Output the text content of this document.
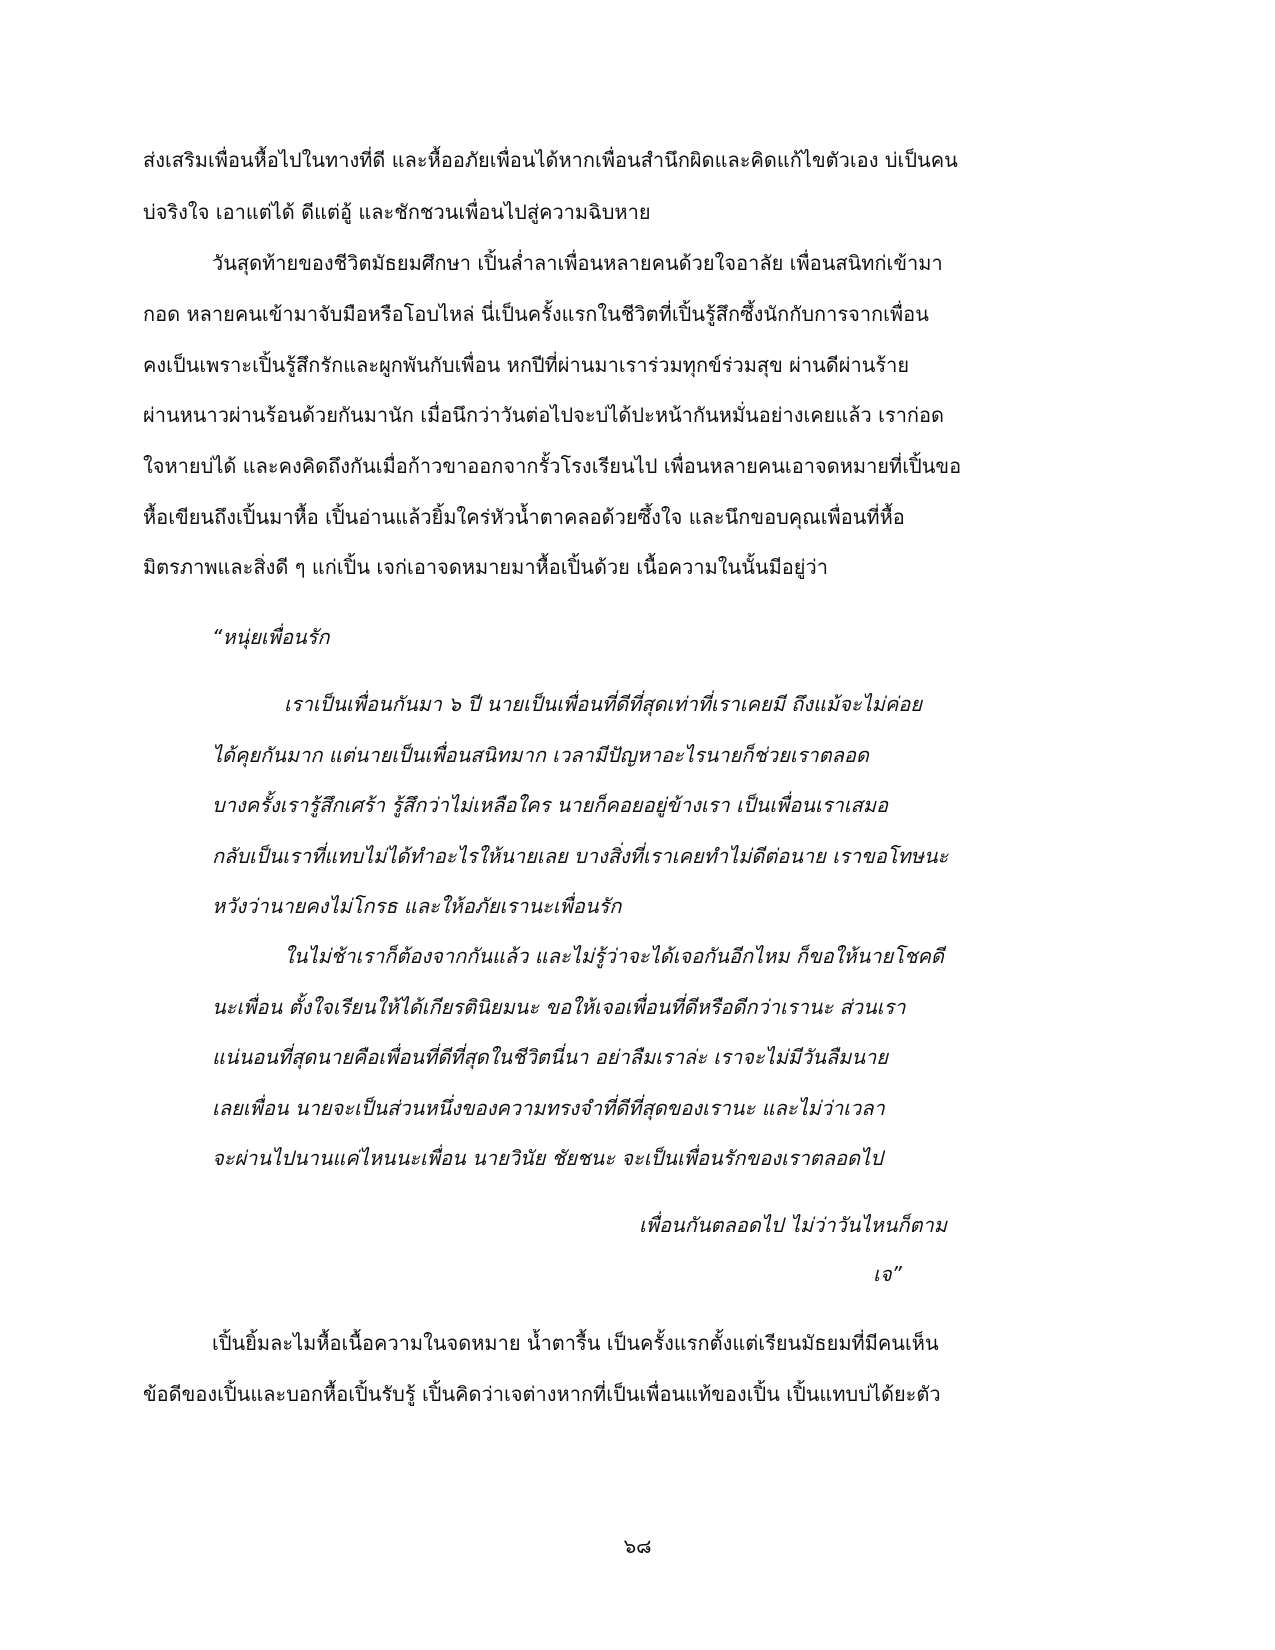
ส่งเสริมเพื่อนหื้อไปในทางที่ดี และหื้ออภัยเพื่อนได้หากเพื่อนสำนึกผิดและคิดแก้ไขตัวเอง บ่เป็นคน
บ่จริงใจ เอาแต่ได้ ดีแต่อู้ และชักชวนเพื่อนไปสู่ความฉิบหาย
วันสุดท้ายของชีวิตมัธยมศึกษา เปิ้นล่ำลาเพื่อนหลายคนด้วยใจอาลัย เพื่อนสนิทก่เข้ามา
กอด หลายคนเข้ามาจับมือหรือโอบไหล่ นี่เป็นครั้งแรกในชีวิตที่เปิ้นรู้สึกซึ้งนักกับการจากเพื่อน
คงเป็นเพราะเปิ้นรู้สึกรักและผูกพันกับเพื่อน หกปีที่ผ่านมาเราร่วมทุกข์ร่วมสุข ผ่านดีผ่านร้าย
ผ่านหนาวผ่านร้อนด้วยกันมานัก เมื่อนึกว่าวันต่อไปจะบ่ได้ปะหน้ากันหมั่นอย่างเคยแล้ว เราก่อด
ใจหายบ่ได้ และคงคิดถึงกันเมื่อก้าวขาออกจากรั้วโรงเรียนไป เพื่อนหลายคนเอาจดหมายที่เปิ้นขอ
หื้อเขียนถึงเปิ้นมาหื้อ เปิ้นอ่านแล้วยิ้มใคร่หัวน้ำตาคลอด้วยซึ้งใจ และนึกขอบคุณเพื่อนที่หื้อ
มิตรภาพและสิ่งดี ๆ แก่เปิ้น เจก่เอาจดหมายมาหื้อเปิ้นด้วย เนื้อความในนั้นมีอยู่ว่า
“หนุ่ยเพื่อนรัก
เราเป็นเพื่อนกันมา ๖ ปี นายเป็นเพื่อนที่ดีที่สุดเท่าที่เราเคยมี ถึงแม้จะไม่ค่อย
ได้คุยกันมาก แต่นายเป็นเพื่อนสนิทมาก เวลามีปัญหาอะไรนายก็ช่วยเราตลอด
บางครั้งเรารู้สึกเศร้า รู้สึกว่าไม่เหลือใคร นายก็คอยอยู่ข้างเรา เป็นเพื่อนเราเสมอ
กลับเป็นเราที่แทบไม่ได้ทำอะไรให้นายเลย บางสิ่งที่เราเคยทำไม่ดีต่อนาย เราขอโทษนะ
หวังว่านายคงไม่โกรธ และให้อภัยเรานะเพื่อนรัก
ในไม่ช้าเราก็ต้องจากกันแล้ว และไม่รู้ว่าจะได้เจอกันอีกไหม ก็ขอให้นายโชคดี
นะเพื่อน ตั้งใจเรียนให้ได้เกียรตินิยมนะ ขอให้เจอเพื่อนที่ดีหรือดีกว่าเรานะ ส่วนเรา
แน่นอนที่สุดนายคือเพื่อนที่ดีที่สุดในชีวิตนี่นา อย่าลืมเราล่ะ เราจะไม่มีวันลืมนาย
เลยเพื่อน นายจะเป็นส่วนหนึ่งของความทรงจำที่ดีที่สุดของเรานะ และไม่ว่าเวลา
จะผ่านไปนานแค่ไหนนะเพื่อน นายวินัย ชัยชนะ จะเป็นเพื่อนรักของเราตลอดไป
เพื่อนกันตลอดไป ไม่ว่าวันไหนก็ตาม
เจ”
เปิ้นยิ้มละไมหื้อเนื้อความในจดหมาย น้ำตารื้น เป็นครั้งแรกตั้งแต่เรียนมัธยมที่มีคนเห็น
ข้อดีของเปิ้นและบอกหื้อเปิ้นรับรู้ เปิ้นคิดว่าเจต่างหากที่เป็นเพื่อนแท้ของเปิ้น เปิ้นแทบบ่ได้ยะตัว
๖๘
